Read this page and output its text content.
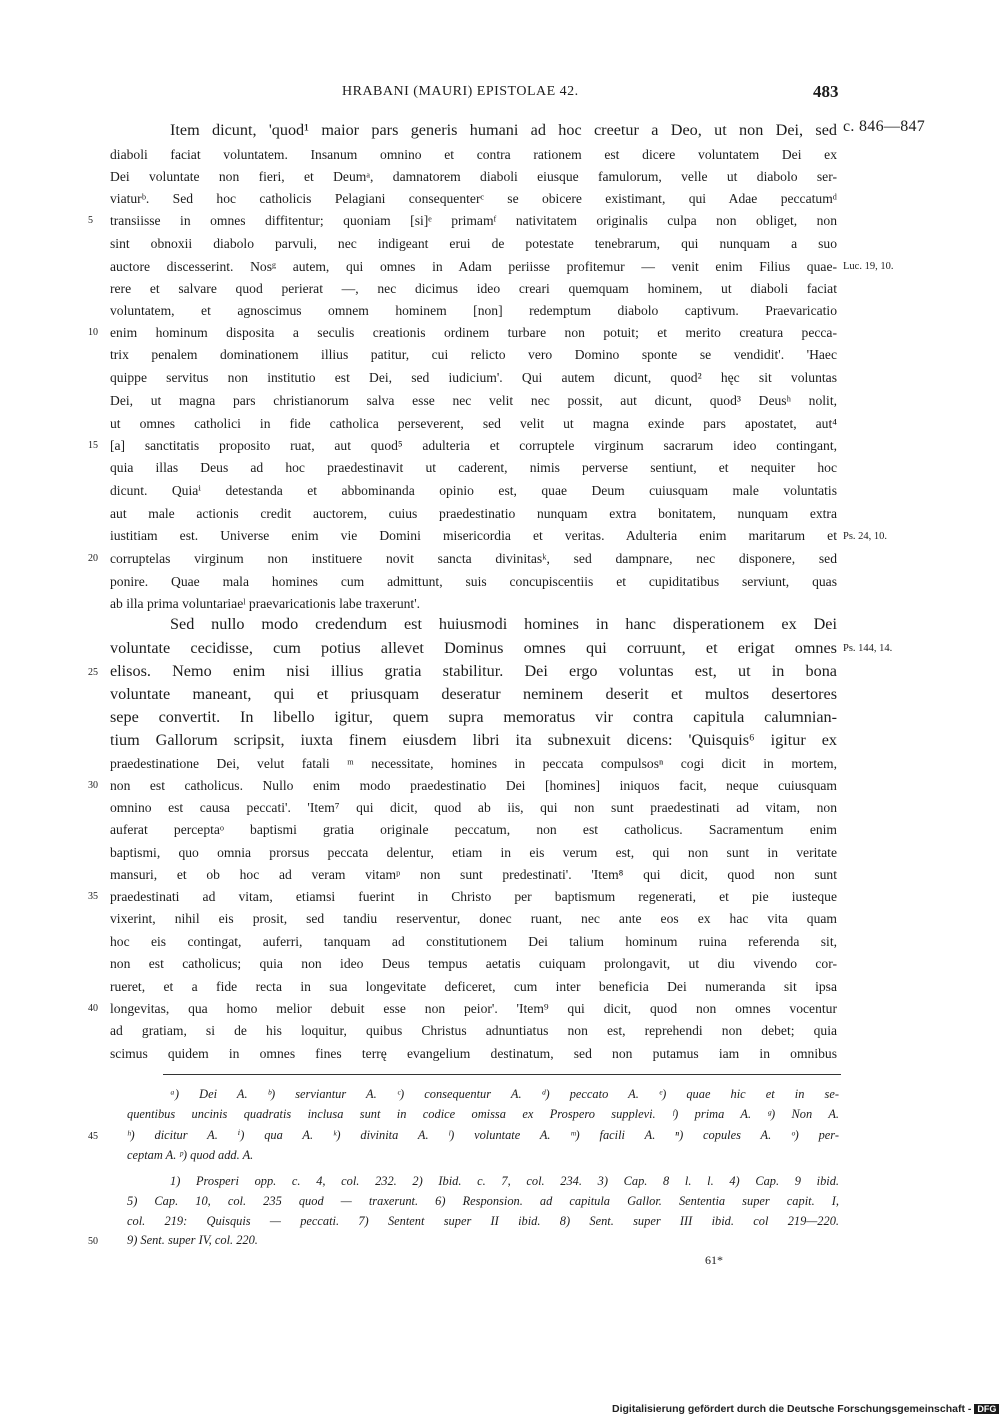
HRABANI (MAURI) EPISTOLAE 42.	483
Item dicunt, 'quod¹ maior pars generis humani ad hoc creetur a Deo, ut non Dei, sed c. 846—847
diaboli faciat voluntatem. Insanum omnino et contra rationem est dicere voluntatem Dei ex
Dei voluntate non fieri, et Deumᵃ, damnatorem diaboli eiusque famulorum, velle ut diabolo ser-
viaturᵇ. Sed hoc catholicis Pelagiani consequenterᶜ se obicere existimant, qui Adae peccatumᵈ
5	transiisse in omnes diffitentur; quoniam [si]ᵉ primamᶠ nativitatem originalis culpa non obliget, non
sint obnoxii diabolo parvuli, nec indigeant erui de potestate tenebrarum, qui nunquam a suo
auctore discesserint. Nosᵍ autem, qui omnes in Adam periisse profitemur — venit enim Filius quae- Luc. 19, 10.
rere et salvare quod perierat —, nec dicimus ideo creari quemquam hominem, ut diaboli faciat
voluntatem, et agnoscimus omnem hominem [non] redemptum diabolo captivum. Praevaricatio
10 enim hominum disposita a seculis creationis ordinem turbare non potuit; et merito creatura pecca-
trix penalem dominationem illius patitur, cui relicto vero Domino sponte se vendidit'. 'Haec
quippe servitus non institutio est Dei, sed iudicium'. Qui autem dicunt, quod² hęc sit voluntas
Dei, ut magna pars christianorum salva esse nec velit nec possit, aut dicunt, quod³ Deusʰ nolit,
ut omnes catholici in fide catholica perseverent, sed velit ut magna exinde pars apostatet, aut⁴
15 [a] sanctitatis proposito ruat, aut quod⁵ adulteria et corruptele virginum sacrarum ideo contingant,
quia illas Deus ad hoc praedestinavit ut caderent, nimis perverse sentiunt, et nequiter hoc
dicunt. Quiaⁱ detestanda et abbominanda opinio est, quae Deum cuiusquam male voluntatis
aut male actionis credit auctorem, cuius praedestinatio nunquam extra bonitatem, nunquam extra
iustitiam est. Universe enim vie Domini misericordia et veritas. Adulteria enim maritarum et Ps. 24, 10.
20 corruptelas virginum non instituere novit sancta divinitasᵏ, sed dampnare, nec disponere, sed
ponire. Quae mala homines cum admittunt, suis concupiscentiis et cupiditatibus serviunt, quas
ab illa prima voluntariaeˡ praevaricationis labe traxerunt'.
Sed nullo modo credendum est huiusmodi homines in hanc disperationem ex Dei
voluntate cecidisse, cum potius allevet Dominus omnes qui corruunt, et erigat omnes Ps. 144, 14.
25 elisos. Nemo enim nisi illius gratia stabilitur. Dei ergo voluntas est, ut in bona
voluntate maneant, qui et priusquam deseratur neminem deserit et multos desertores
sepe convertit. In libello igitur, quem supra memoratus vir contra capitula calumnian-
tium Gallorum scripsit, iuxta finem eiusdem libri ita subnexuit dicens: 'Quisquis⁶ igitur ex
praedestinatione Dei, velut fatali ᵐ necessitate, homines in peccata compulsosⁿ cogi dicit in mortem,
30 non est catholicus. Nullo enim modo praedestinatio Dei [homines] iniquos facit, neque cuiusquam
omnino est causa peccati'. 'Item⁷ qui dicit, quod ab iis, qui non sunt praedestinati ad vitam, non
auferat perceptaᵒ baptismi gratia originale peccatum, non est catholicus. Sacramentum enim
baptismi, quo omnia prorsus peccata delentur, etiam in eis verum est, qui non sunt in veritate
mansuri, et ob hoc ad veram vitamᵖ non sunt predestinati'. 'Item⁸ qui dicit, quod non sunt
35 praedestinati ad vitam, etiamsi fuerint in Christo per baptismum regenerati, et pie iusteque
vixerint, nihil eis prosit, sed tandiu reserventur, donec ruant, nec ante eos ex hac vita quam
hoc eis contingat, auferri, tanquam ad constitutionem Dei talium hominum ruina referenda sit,
non est catholicus; quia non ideo Deus tempus aetatis cuiquam prolongavit, ut diu vivendo cor-
rueret, et a fide recta in sua longevitate deficeret, cum inter beneficia Dei numeranda sit ipsa
40 longevitas, qua homo melior debuit esse non peior'. 'Item⁹ qui dicit, quod non omnes vocentur
ad gratiam, si de his loquitur, quibus Christus adnuntiatus non est, reprehendi non debet; quia
scimus quidem in omnes fines terrę evangelium destinatum, sed non putamus iam in omnibus
ᵃ) Dei A. ᵇ) serviantur A. ᶜ) consequentur A. ᵈ) peccato A. ᵉ) quae hic et in se-
quentibus uncinis quadratis inclusa sunt in codice omissa ex Prospero supplevi. ᶠ) prima A. ᵍ) Non A.
45	ʰ) dicitur A. ⁱ) qua A. ᵏ) divinita A. ˡ) voluntate A. ᵐ) facili A. ⁿ) copules A. ᵒ) per-
ceptam A. ᵖ) quod add. A.
1) Prosperi opp. c. 4, col. 232. 2) Ibid. c. 7, col. 234. 3) Cap. 8 l. l. 4) Cap. 9 ibid.
5) Cap. 10, col. 235 quod — traxerunt. 6) Responsion. ad capitula Gallor. Sententia super capit. I,
col. 219: Quisquis — peccati. 7) Sentent super II ibid. 8) Sent. super III ibid. col 219—220.
50	9) Sent. super IV, col. 220.
61*
Digitalisierung gefördert durch die Deutsche Forschungsgemeinschaft - DFG
